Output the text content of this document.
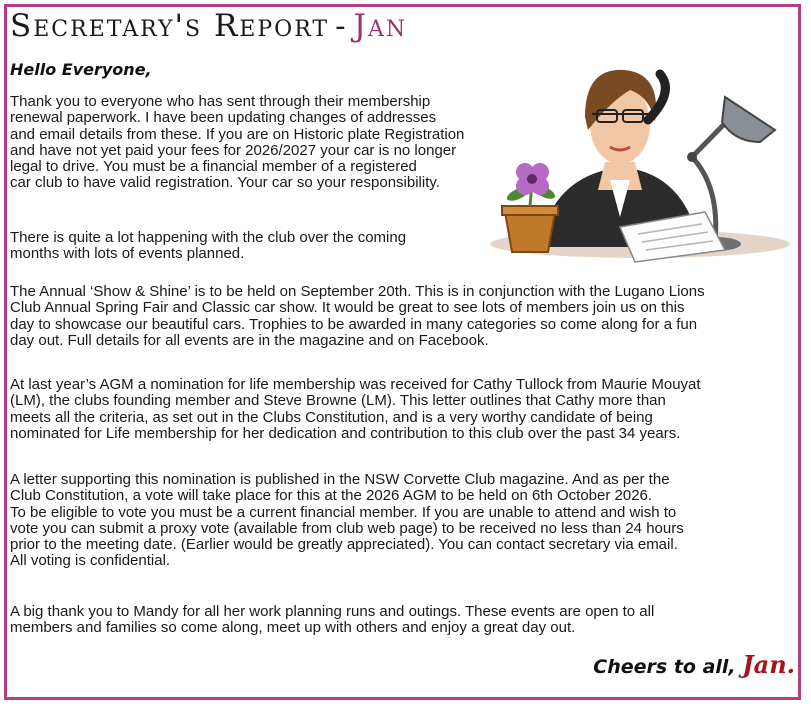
Secretary's Report - Jan

Hello Everyone,

Thank you to everyone who has sent through their membership
renewal paperwork. I have been updating changes of addresses
and email details from these. If you are on Historic plate Registration
and have not yet paid your fees for 2026/2027 your car is no longer
legal to drive. You must be a financial member of a registered
car club to have valid registration. Your car so your responsibility.

There is quite a lot happening with the club over the coming
months with lots of events planned.

The Annual ‘Show & Shine’ is to be held on September 20th. This is in conjunction with the Lugano Lions
Club Annual Spring Fair and Classic car show. It would be great to see lots of members join us on this
day to showcase our beautiful cars. Trophies to be awarded in many categories so come along for a fun
day out. Full details for all events are in the magazine and on Facebook.

At last year’s AGM a nomination for life membership was received for Cathy Tullock from Maurie Mouyat
(LM), the clubs founding member and Steve Browne (LM). This letter outlines that Cathy more than
meets all the criteria, as set out in the Clubs Constitution, and is a very worthy candidate of being
nominated for Life membership for her dedication and contribution to this club over the past 34 years.

A letter supporting this nomination is published in the NSW Corvette Club magazine. And as per the
Club Constitution, a vote will take place for this at the 2026 AGM to be held on 6th October 2026.
To be eligible to vote you must be a current financial member. If you are unable to attend and wish to
vote you can submit a proxy vote (available from club web page) to be received no less than 24 hours
prior to the meeting date. (Earlier would be greatly appreciated). You can contact secretary via email.
All voting is confidential.

A big thank you to Mandy for all her work planning runs and outings. These events are open to all
members and families so come along, meet up with others and enjoy a great day out.

Cheers to all, Jan.
